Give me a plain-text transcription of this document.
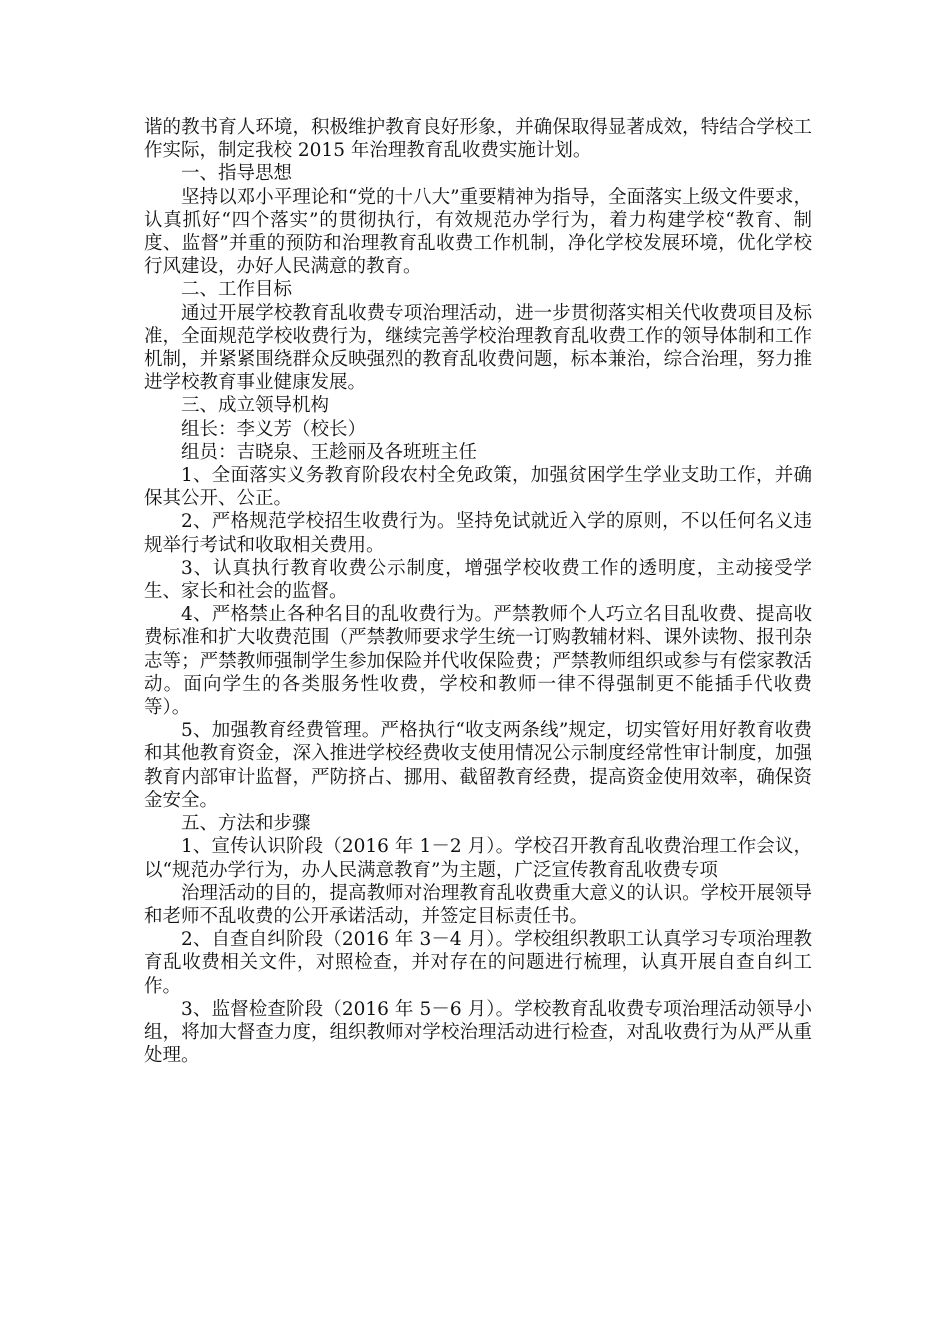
谐的教书育人环境，积极维护教育良好形象，并确保取得显著成效，特结合学校工作实际，制定我校 2015 年治理教育乱收费实施计划。

一、指导思想

坚持以邓小平理论和“党的十八大”重要精神为指导，全面落实上级文件要求，认真抓好“四个落实”的贯彻执行，有效规范办学行为，着力构建学校“教育、制度、监督”并重的预防和治理教育乱收费工作机制，净化学校发展环境，优化学校行风建设，办好人民满意的教育。

二、工作目标

通过开展学校教育乱收费专项治理活动，进一步贯彻落实相关代收费项目及标准，全面规范学校收费行为，继续完善学校治理教育乱收费工作的领导体制和工作机制，并紧紧围绕群众反映强烈的教育乱收费问题，标本兼治，综合治理，努力推进学校教育事业健康发展。

三、成立领导机构

组长：李义芳（校长）

组员：吉晓泉、王趁丽及各班班主任

1、全面落实义务教育阶段农村全免政策，加强贫困学生学业支助工作，并确保其公开、公正。

2、严格规范学校招生收费行为。坚持免试就近入学的原则，不以任何名义违规举行考试和收取相关费用。

3、认真执行教育收费公示制度，增强学校收费工作的透明度，主动接受学生、家长和社会的监督。

4、严格禁止各种名目的乱收费行为。严禁教师个人巧立名目乱收费、提高收费标准和扩大收费范围（严禁教师要求学生统一订购教辅材料、课外读物、报刊杂志等；严禁教师强制学生参加保险并代收保险费；严禁教师组织或参与有偿家教活动。面向学生的各类服务性收费，学校和教师一律不得强制更不能插手代收费等）。

5、加强教育经费管理。严格执行“收支两条线”规定，切实管好用好教育收费和其他教育资金，深入推进学校经费收支使用情况公示制度经常性审计制度，加强教育内部审计监督，严防挤占、挪用、截留教育经费，提高资金使用效率，确保资金安全。

五、方法和步骤

1、宣传认识阶段（2016 年 1－2 月）。学校召开教育乱收费治理工作会议，以“规范办学行为，办人民满意教育”为主题，广泛宣传教育乱收费专项

治理活动的目的，提高教师对治理教育乱收费重大意义的认识。学校开展领导和老师不乱收费的公开承诺活动，并签定目标责任书。

2、自查自纠阶段（2016 年 3－4 月）。学校组织教职工认真学习专项治理教育乱收费相关文件，对照检查，并对存在的问题进行梳理，认真开展自查自纠工作。

3、监督检查阶段（2016 年 5－6 月）。学校教育乱收费专项治理活动领导小组，将加大督查力度，组织教师对学校治理活动进行检查，对乱收费行为从严从重处理。
